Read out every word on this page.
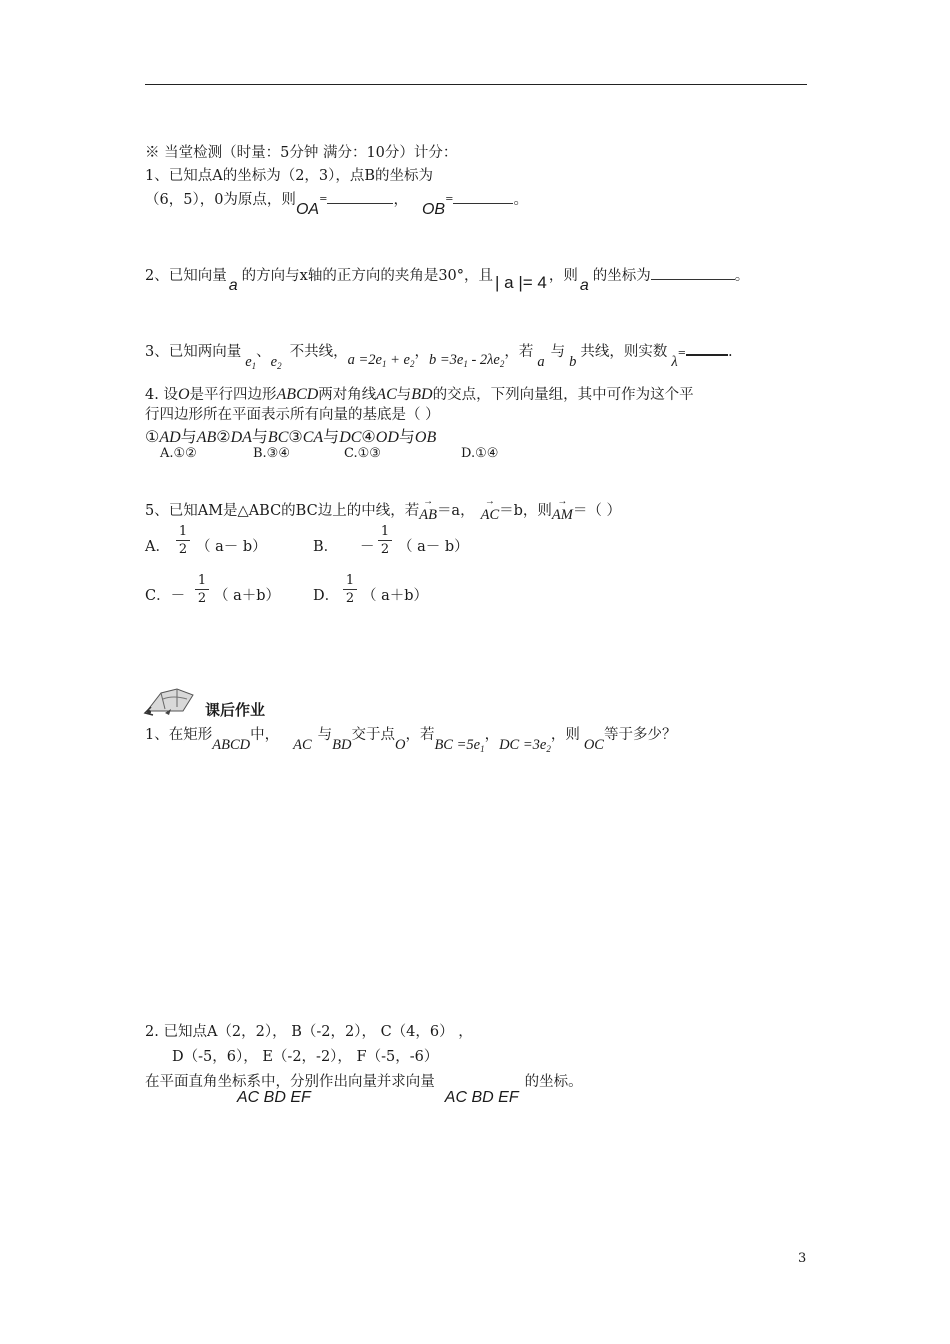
※ 当堂检测（时量：5分钟 满分：10分）计分：
1、已知点A的坐标为（2，3），点B的坐标为
（6，5），0为原点，则OA=	，OB=	。
2、已知向量a的方向与x轴的正方向的夹角是30°，且 | a |= 4 ，则a的坐标为	。
3、已知两向量$e_1$、$e_2$不共线，$a =2e_1 + e_2$，$b =3e_1 - 2\lambda e_2$，若a与b共线，则实数λ=	.
4. 设O是平行四边形ABCD两对角线AC与BD的交点，下列向量组，其中可作为这个平
行四边形所在平面表示所有向量的基底是（ ）
①AD与AB②DA与BC③CA与DC④OD与OB
A.①②	B.③④	C.①③	D.①④
5、已知AM是△ABC的BC边上的中线，若→ AB＝a，→ AC＝b，则→ AM＝（ ）
A．
1
2 （ a－ b）	B． －
1
2 （ a－ b）
C．－
1
2 （ a＋b） D．
1
2 （ a＋b）
课后作业
1、在矩形ABCD中，AC与BD交于点O，若BC $=5e_1$，DC $=3e_2$，则OC等于多少？
2. 已知点A（2，2）， B（-2，2）， C（4，6） ，
D（-5，6）， E（-2，-2）， F（-5，-6）
在平面直角坐标系中，分别作出向量AC BD EF并求向量AC BD EF的坐标。
3
